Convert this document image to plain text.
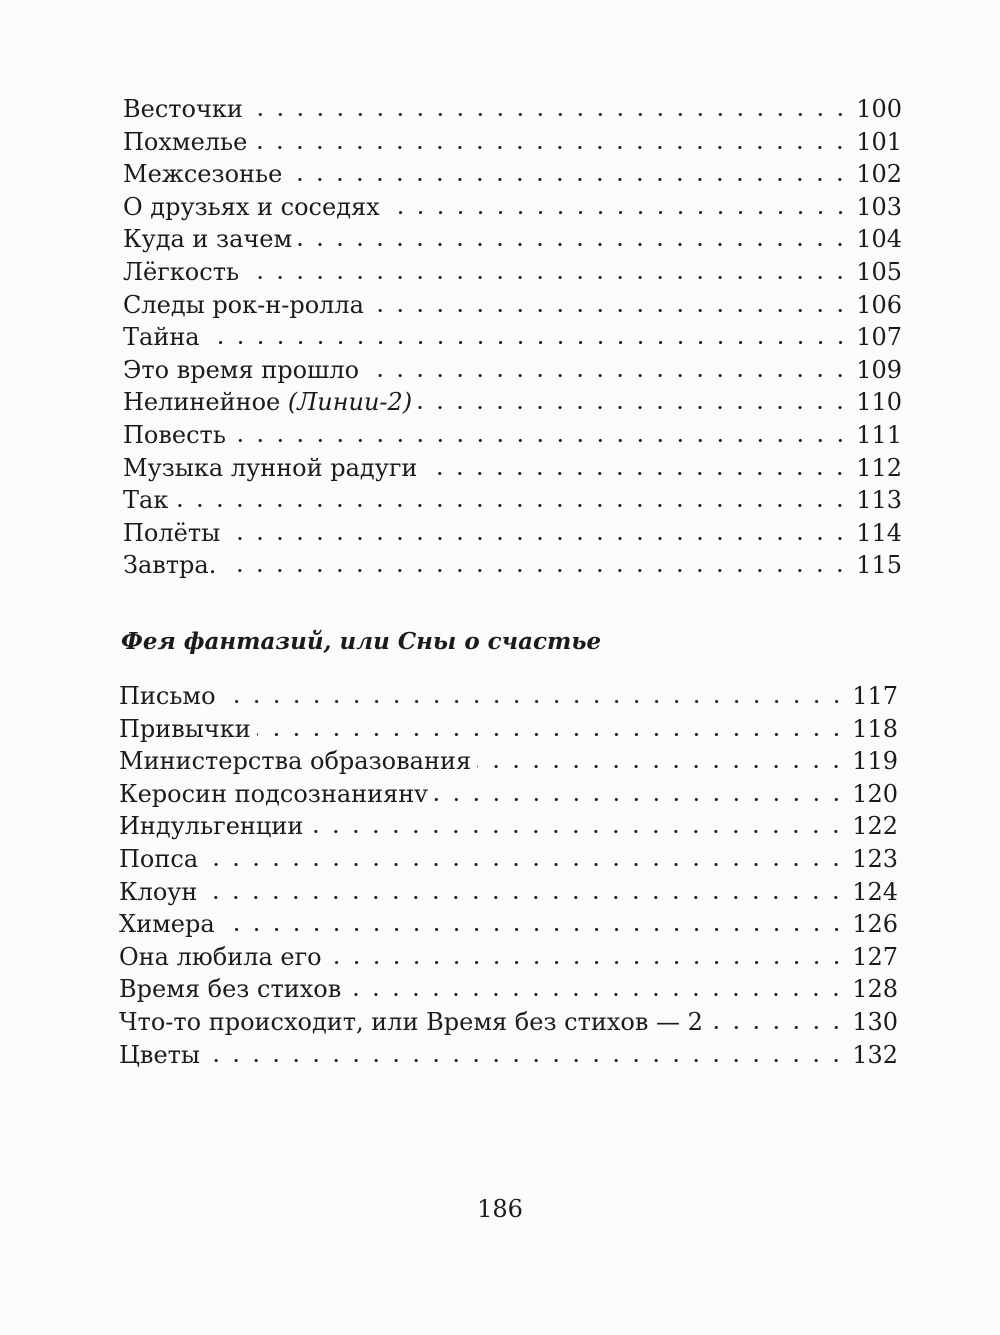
Весточки	100
Похмелье	101
Межсезонье	102
О друзьях и соседях	103
Куда и зачем	104
Лёгкость	105
Следы рок-н-ролла	106
Тайна	107
Это время прошло	109
Нелинейное (Линии-2)	110
Повесть	111
Музыка лунной радуги	112
Так	113
Полёты	114
Завтра.	115
Фея фантазий, или Сны о счастье
Письмо	117
Привычки	118
Министерства образования	119
Керосин подсознаниянv	120
Индульгенции	122
Попса	123
Клоун	124
Химера	126
Она любила его	127
Время без стихов	128
Что-то происходит, или Время без стихов — 2	130
Цветы	132
186
